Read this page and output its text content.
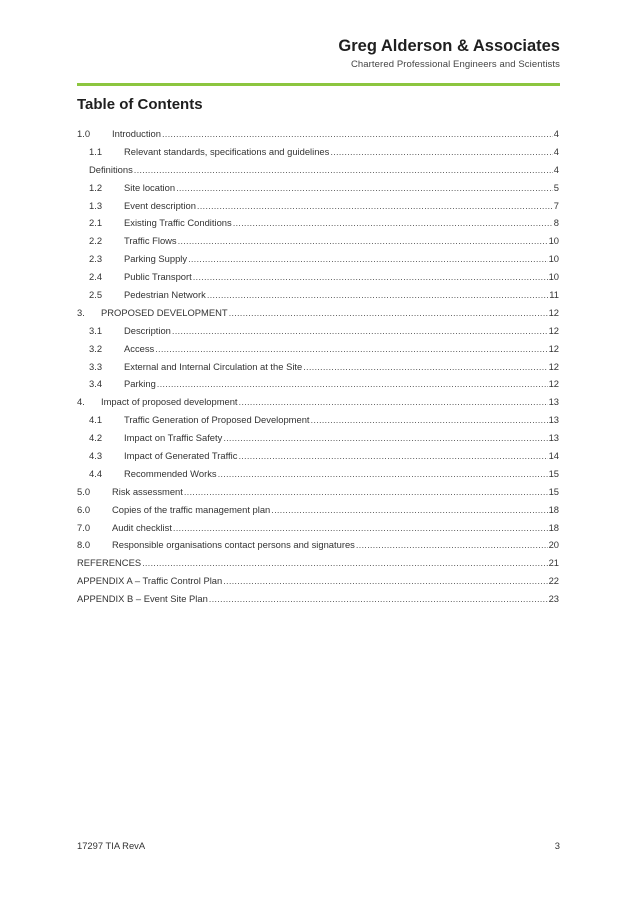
Greg Alderson & Associates
Chartered Professional Engineers and Scientists
Table of Contents
1.0	Introduction .....	4
1.1	Relevant standards, specifications and guidelines .....	4
Definitions .....	4
1.2	Site location .....	5
1.3	Event description .....	7
2.1	Existing Traffic Conditions .....	8
2.2	Traffic Flows .....	10
2.3	Parking Supply .....	10
2.4	Public Transport .....	10
2.5	Pedestrian Network .....	11
3.	PROPOSED DEVELOPMENT .....	12
3.1	Description .....	12
3.2	Access .....	12
3.3	External and Internal Circulation at the Site .....	12
3.4	Parking .....	12
4.	Impact of proposed development .....	13
4.1	Traffic Generation of Proposed Development .....	13
4.2	Impact on Traffic Safety .....	13
4.3	Impact of Generated Traffic .....	14
4.4	Recommended Works .....	15
5.0	Risk assessment .....	15
6.0	Copies of the traffic management plan .....	18
7.0	Audit checklist .....	18
8.0	Responsible organisations contact persons and signatures .....	20
REFERENCES .....	21
APPENDIX A – Traffic Control Plan .....	22
APPENDIX B – Event Site Plan .....	23
17297 TIA RevA	3
